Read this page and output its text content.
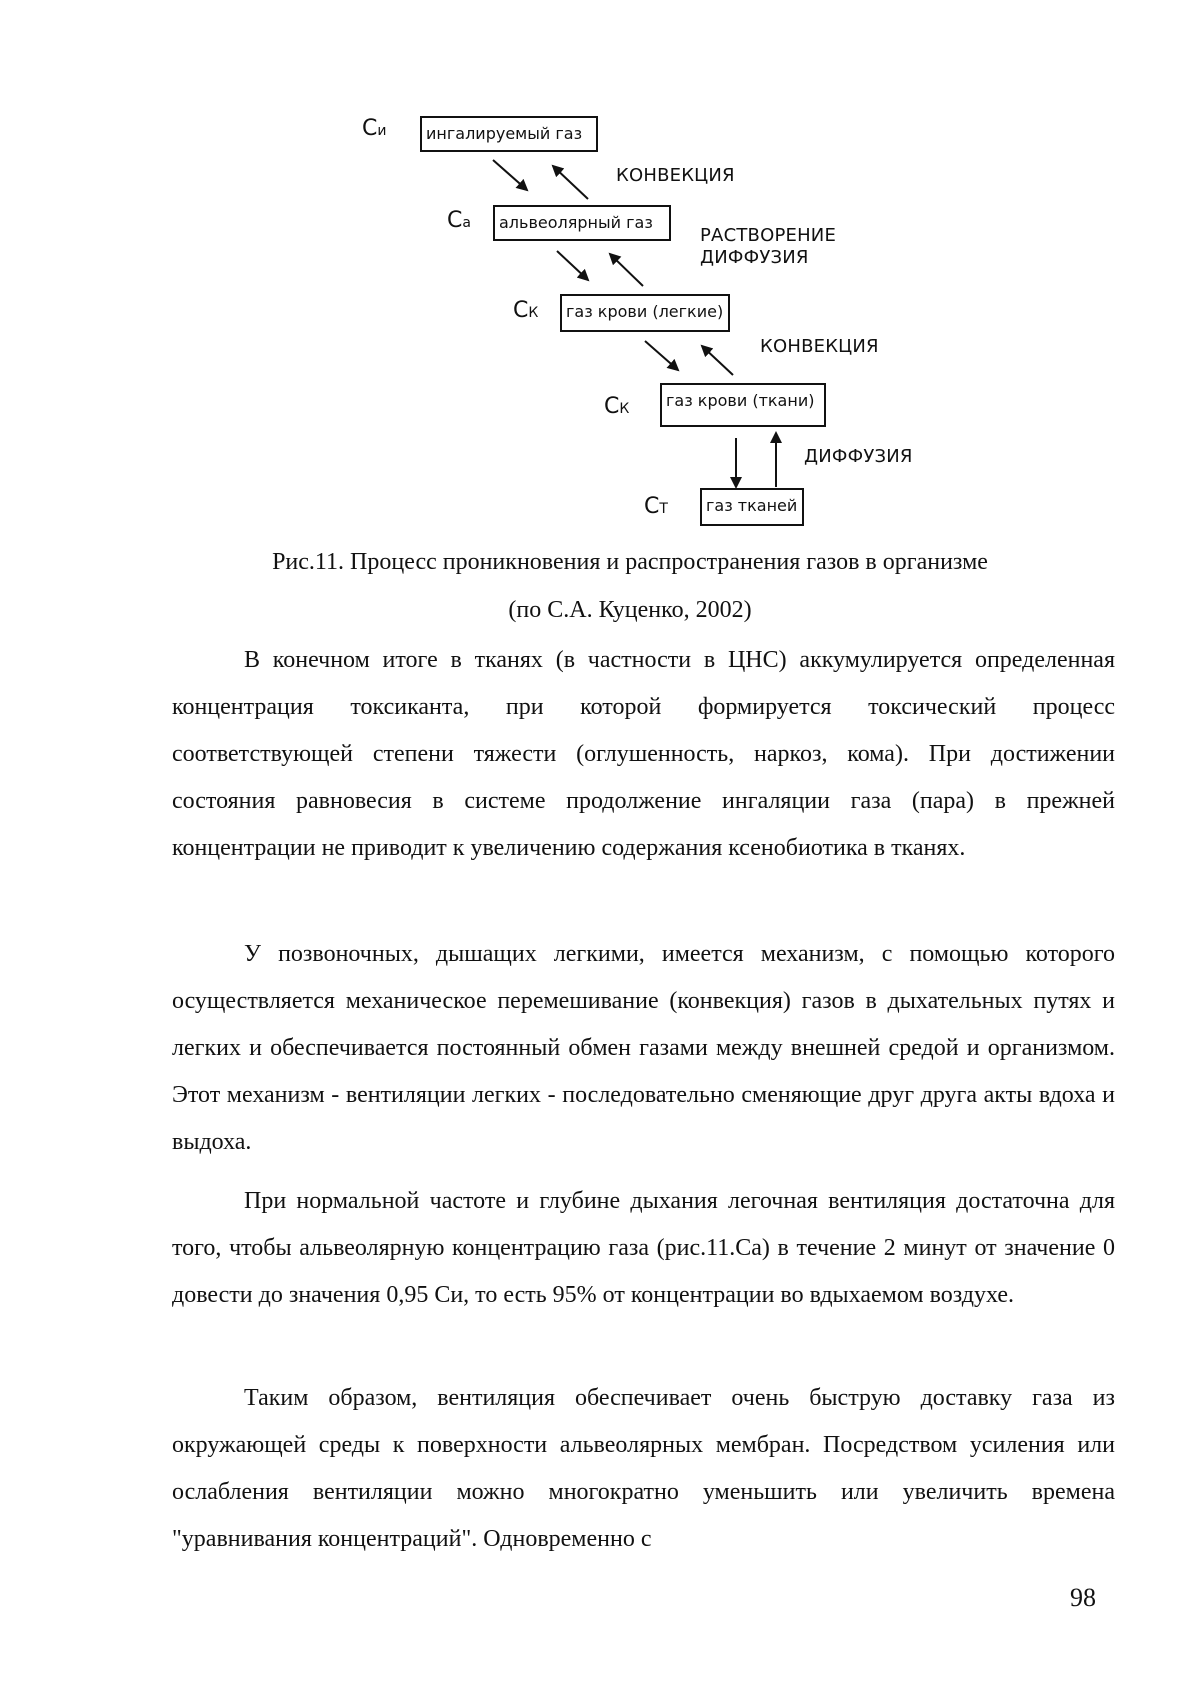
Си	ингалируемый газ
Са	альвеолярный газ
СК	газ крови (легкие)
СК	газ крови (ткани)
СТ	газ тканей
КОНВЕКЦИЯ
РАСТВОРЕНИЕ
ДИФФУЗИЯ
КОНВЕКЦИЯ
ДИФФУЗИЯ
Рис.11. Процесс проникновения и распространения газов в организме
(по С.А. Куценко, 2002)

В конечном итоге в тканях (в частности в ЦНС) аккумулируется определенная концентрация токсиканта, при которой формируется токсический процесс соответствующей степени тяжести (оглушенность, наркоз, кома). При достижении состояния равновесия в системе продолжение ингаляции газа (пара) в прежней концентрации не приводит к увеличению содержания ксенобиотика в тканях.

У позвоночных, дышащих легкими, имеется механизм, с помощью которого осуществляется механическое перемешивание (конвекция) газов в дыхательных путях и легких и обеспечивается постоянный обмен газами между внешней средой и организмом. Этот механизм - вентиляции легких - последовательно сменяющие друг друга акты вдоха и выдоха.

При нормальной частоте и глубине дыхания легочная вентиляция достаточна для того, чтобы альвеолярную концентрацию газа (рис.11.Са) в течение 2 минут от значение 0 довести до значения 0,95 Си, то есть 95% от концентрации во вдыхаемом воздухе.

Таким образом, вентиляция обеспечивает очень быструю доставку газа из окружающей среды к поверхности альвеолярных мембран. Посредством усиления или ослабления вентиляции можно многократно уменьшить или увеличить времена "уравнивания концентраций". Одновременно с

98
